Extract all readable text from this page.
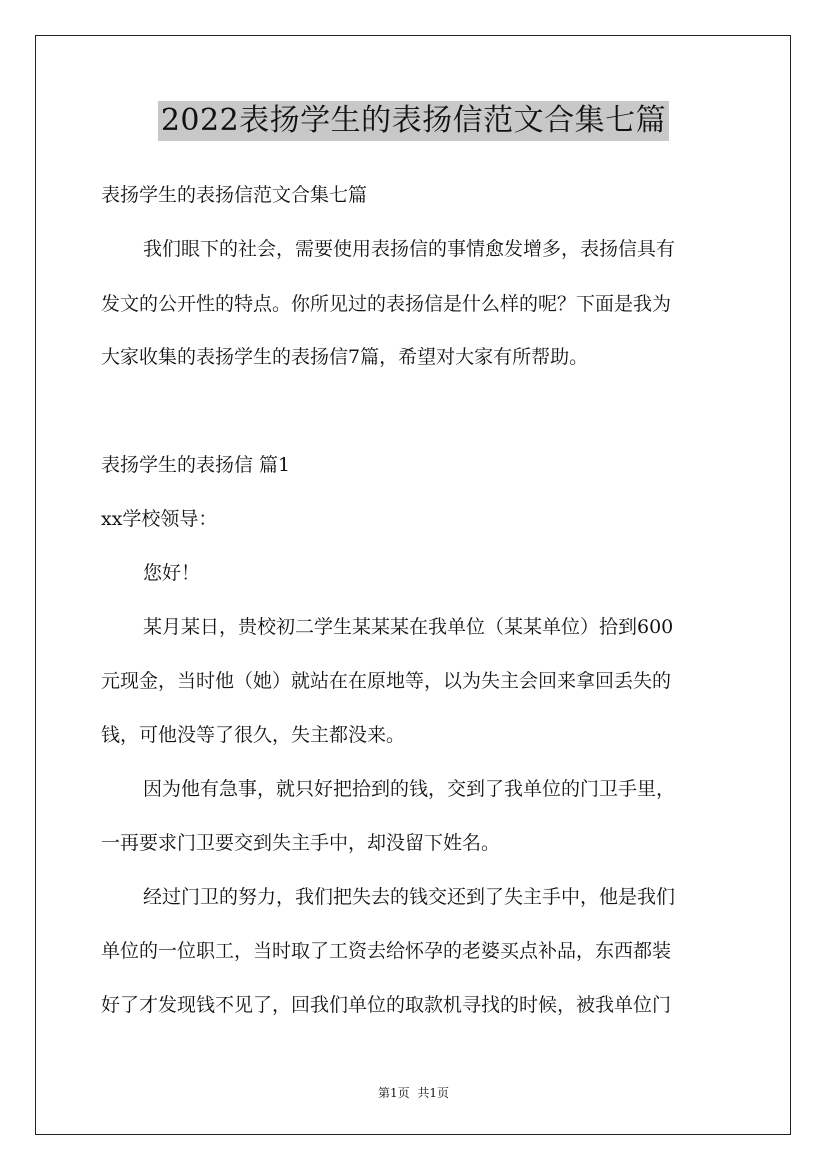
2022表扬学生的表扬信范文合集七篇
表扬学生的表扬信范文合集七篇
我们眼下的社会，需要使用表扬信的事情愈发增多，表扬信具有
发文的公开性的特点。你所见过的表扬信是什么样的呢？下面是我为
大家收集的表扬学生的表扬信7篇，希望对大家有所帮助。
表扬学生的表扬信 篇1
xx学校领导：
您好！
某月某日，贵校初二学生某某某在我单位（某某单位）拾到600
元现金，当时他（她）就站在在原地等，以为失主会回来拿回丢失的
钱，可他没等了很久，失主都没来。
因为他有急事，就只好把拾到的钱，交到了我单位的门卫手里，
一再要求门卫要交到失主手中，却没留下姓名。
经过门卫的努力，我们把失去的钱交还到了失主手中，他是我们
单位的一位职工，当时取了工资去给怀孕的老婆买点补品，东西都装
好了才发现钱不见了，回我们单位的取款机寻找的时候，被我单位门
第1页 共1页
